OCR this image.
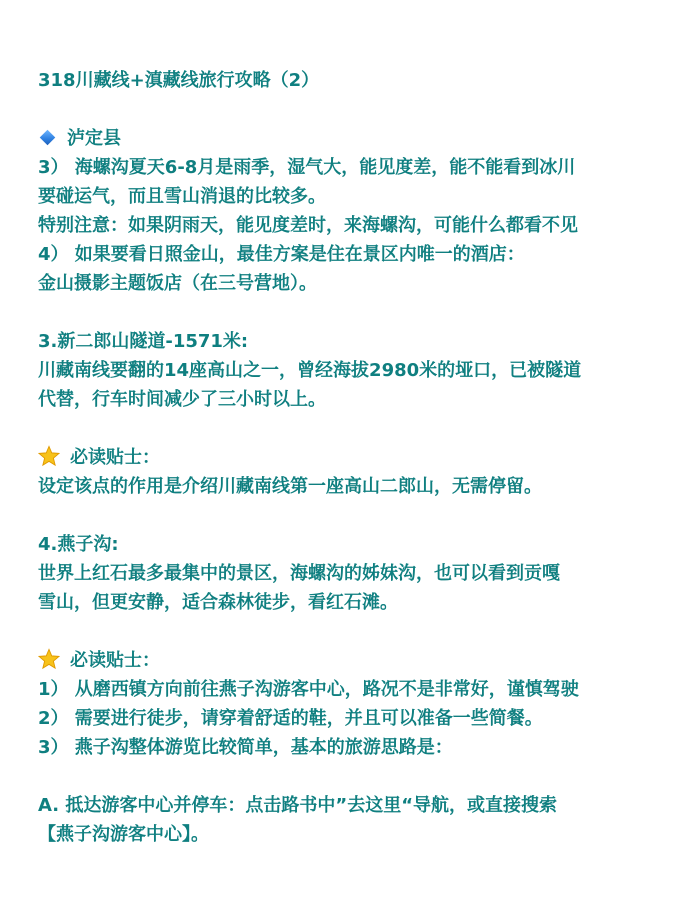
318川藏线+滇藏线旅行攻略（2）
泸定县
3） 海螺沟夏天6-8月是雨季，湿气大，能见度差，能不能看到冰川
要碰运气，而且雪山消退的比较多。
特别注意：如果阴雨天，能见度差时，来海螺沟，可能什么都看不见
4） 如果要看日照金山，最佳方案是住在景区内唯一的酒店：
金山摄影主题饭店（在三号营地）。
3.新二郎山隧道-1571米:
川藏南线要翻的14座高山之一，曾经海拔2980米的垭口，已被隧道
代替，行车时间减少了三小时以上。
必读贴士：
设定该点的作用是介绍川藏南线第一座高山二郎山，无需停留。
4.燕子沟:
世界上红石最多最集中的景区，海螺沟的姊妹沟，也可以看到贡嘎
雪山，但更安静，适合森林徒步，看红石滩。
必读贴士：
1） 从磨西镇方向前往燕子沟游客中心，路况不是非常好，谨慎驾驶
2） 需要进行徒步，请穿着舒适的鞋，并且可以准备一些简餐。
3） 燕子沟整体游览比较简单，基本的旅游思路是：
A. 抵达游客中心并停车：点击路书中”去这里“导航，或直接搜索
【燕子沟游客中心】。
